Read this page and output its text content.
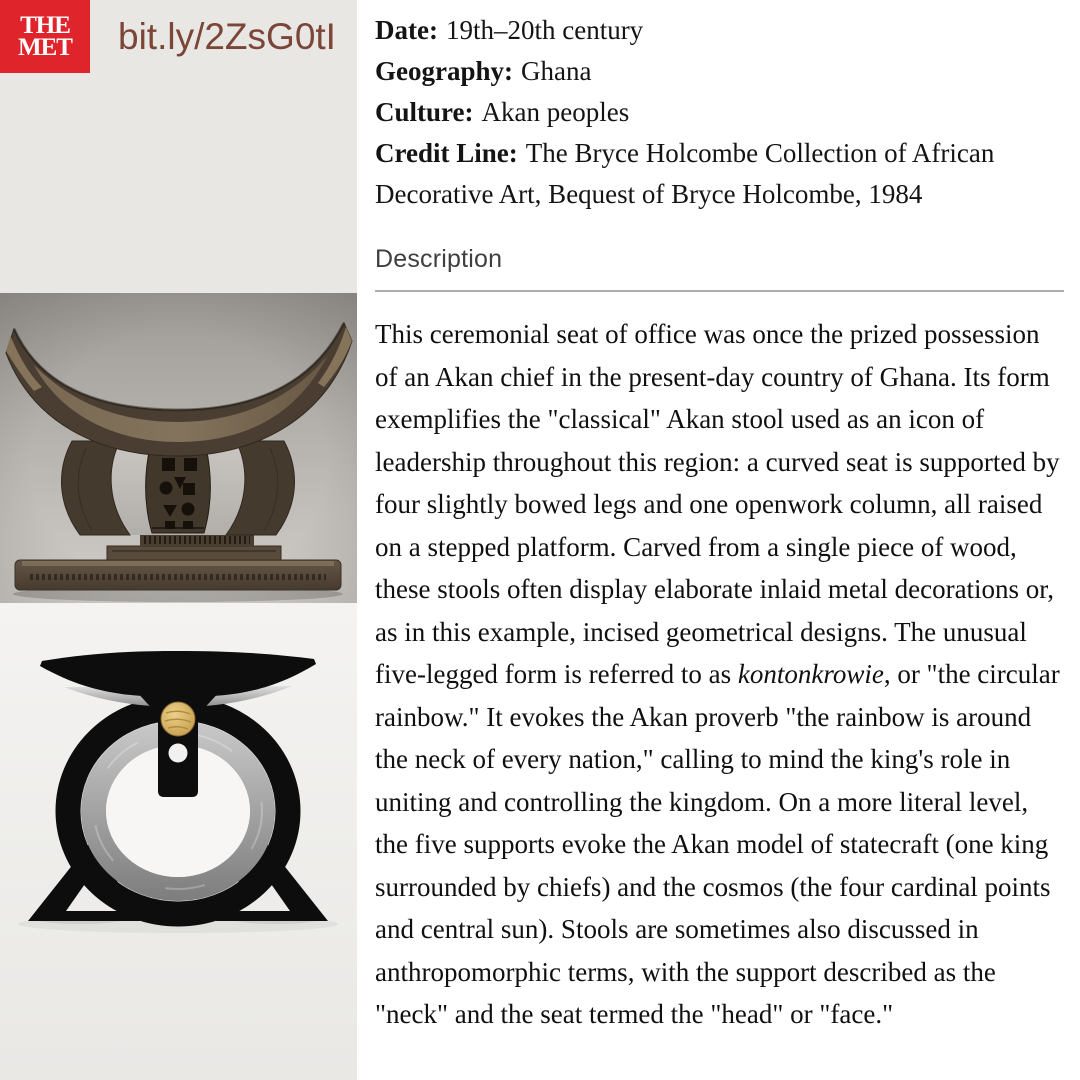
THE
MET bit.ly/2ZsG0tI Date: 19th–20th century
Geography: Ghana
Culture: Akan peoples
Credit Line: The Bryce Holcombe Collection of African Decorative Art, Bequest of Bryce Holcombe, 1984
Description

This ceremonial seat of office was once the prized possession of an Akan chief in the present-day country of Ghana. Its form exemplifies the "classical" Akan stool used as an icon of leadership throughout this region: a curved seat is supported by four slightly bowed legs and one openwork column, all raised on a stepped platform. Carved from a single piece of wood, these stools often display elaborate inlaid metal decorations or, as in this example, incised geometrical designs. The unusual five-legged form is referred to as kontonkrowie, or "the circular rainbow." It evokes the Akan proverb "the rainbow is around the neck of every nation," calling to mind the king's role in uniting and controlling the kingdom. On a more literal level, the five supports evoke the Akan model of statecraft (one king surrounded by chiefs) and the cosmos (the four cardinal points and central sun). Stools are sometimes also discussed in anthropomorphic terms, with the support described as the "neck" and the seat termed the "head" or "face."
